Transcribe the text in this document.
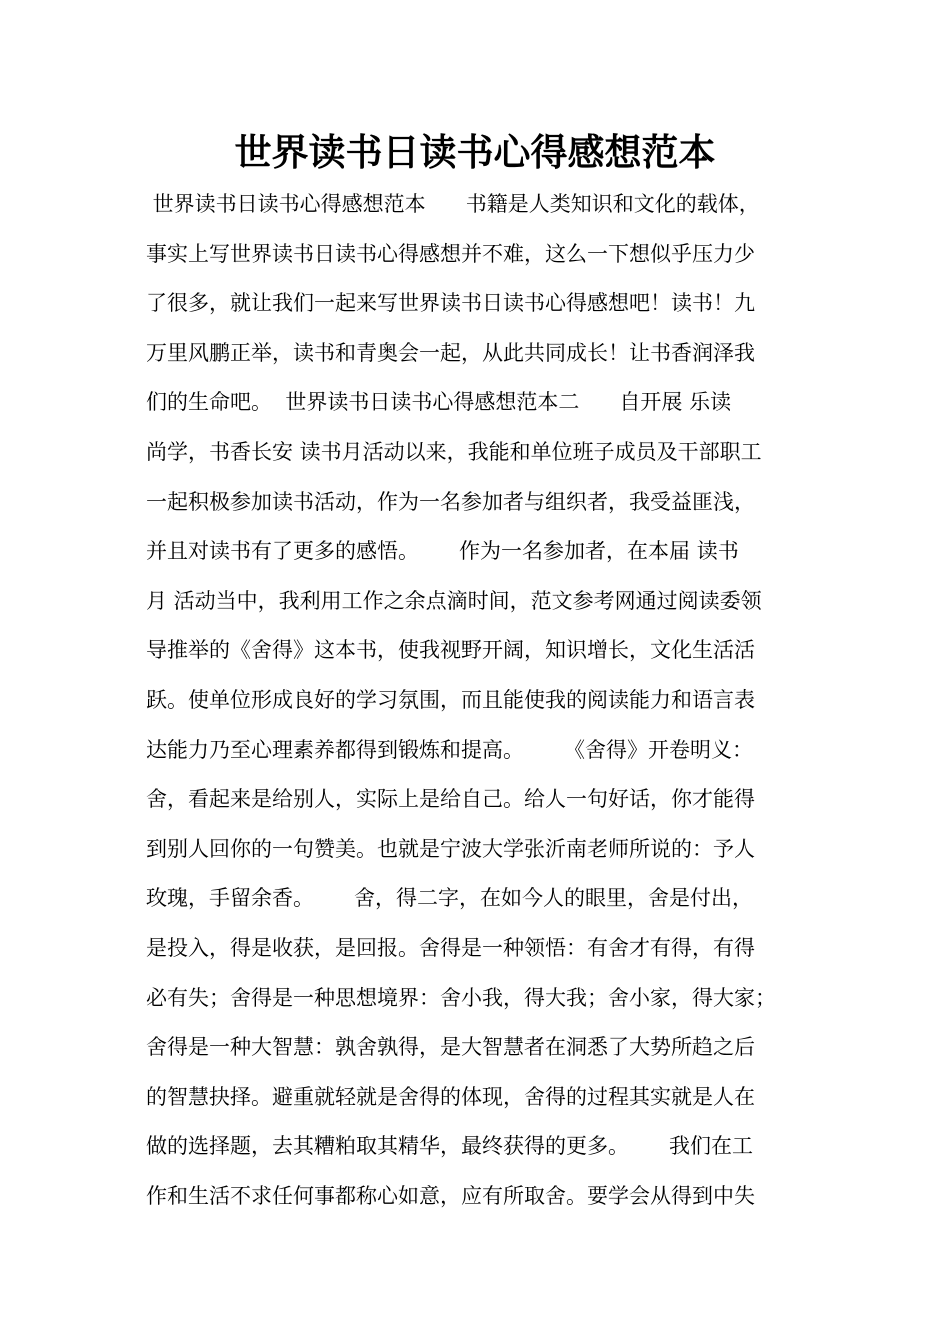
世界读书日读书心得感想范本
世界读书日读书心得感想范本      书籍是人类知识和文化的载体，
事实上写世界读书日读书心得感想并不难，这么一下想似乎压力少
了很多，就让我们一起来写世界读书日读书心得感想吧！读书！九
万里风鹏正举，读书和青奥会一起，从此共同成长！让书香润泽我
们的生命吧。  世界读书日读书心得感想范本二      自开展 乐读
尚学，书香长安 读书月活动以来，我能和单位班子成员及干部职工
一起积极参加读书活动，作为一名参加者与组织者，我受益匪浅，
并且对读书有了更多的感悟。      作为一名参加者，在本届 读书
月 活动当中，我利用工作之余点滴时间，范文参考网通过阅读委领
导推举的《舍得》这本书，使我视野开阔，知识增长，文化生活活
跃。使单位形成良好的学习氛围，而且能使我的阅读能力和语言表
达能力乃至心理素养都得到锻炼和提高。      《舍得》开卷明义：
舍，看起来是给别人，实际上是给自己。给人一句好话，你才能得
到别人回你的一句赞美。也就是宁波大学张沂南老师所说的：予人
玫瑰，手留余香。      舍，得二字，在如今人的眼里，舍是付出，
是投入，得是收获，是回报。舍得是一种领悟：有舍才有得，有得
必有失；舍得是一种思想境界：舍小我，得大我；舍小家，得大家；
舍得是一种大智慧：孰舍孰得，是大智慧者在洞悉了大势所趋之后
的智慧抉择。避重就轻就是舍得的体现，舍得的过程其实就是人在
做的选择题，去其糟粕取其精华，最终获得的更多。      我们在工
作和生活不求任何事都称心如意，应有所取舍。要学会从得到中失
